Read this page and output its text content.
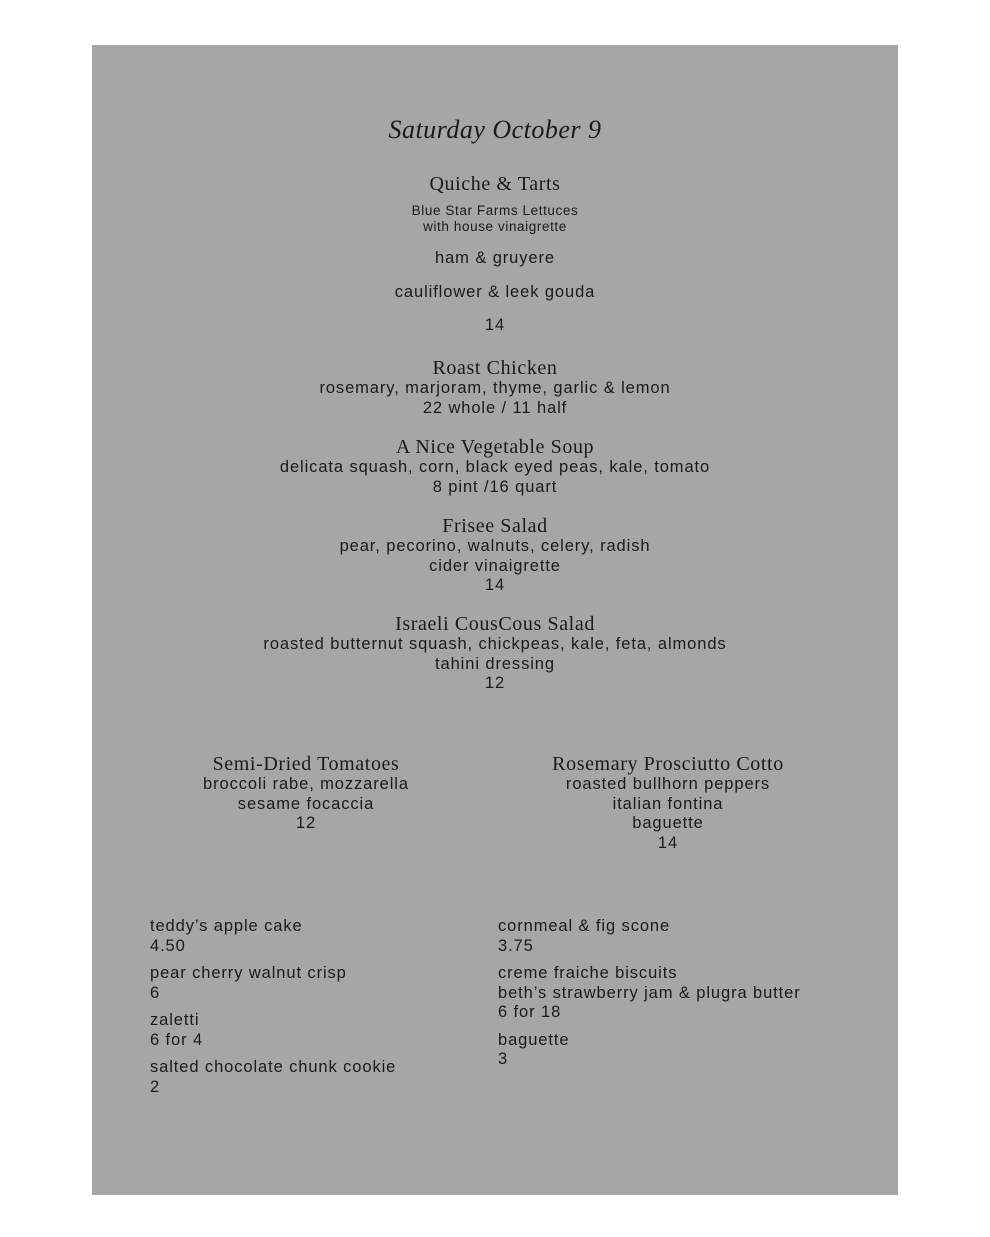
Saturday October 9
Quiche & Tarts
Blue Star Farms Lettuces
with house vinaigrette
ham & gruyere
cauliflower & leek gouda
14
Roast Chicken
rosemary, marjoram, thyme, garlic & lemon
22 whole / 11 half
A Nice Vegetable Soup
delicata squash, corn, black eyed peas, kale, tomato
8 pint /16 quart
Frisee Salad
pear, pecorino, walnuts, celery, radish
cider vinaigrette
14
Israeli CousCous Salad
roasted butternut squash, chickpeas, kale, feta, almonds
tahini dressing
12
Semi-Dried Tomatoes
broccoli rabe, mozzarella
sesame focaccia
12
Rosemary Prosciutto Cotto
roasted bullhorn peppers
italian fontina
baguette
14
teddy’s apple cake
4.50
pear cherry walnut crisp
6
zaletti
6 for 4
salted chocolate chunk cookie
2
cornmeal & fig scone
3.75
creme fraiche biscuits
beth’s strawberry jam & plugra butter
6 for 18
baguette
3
